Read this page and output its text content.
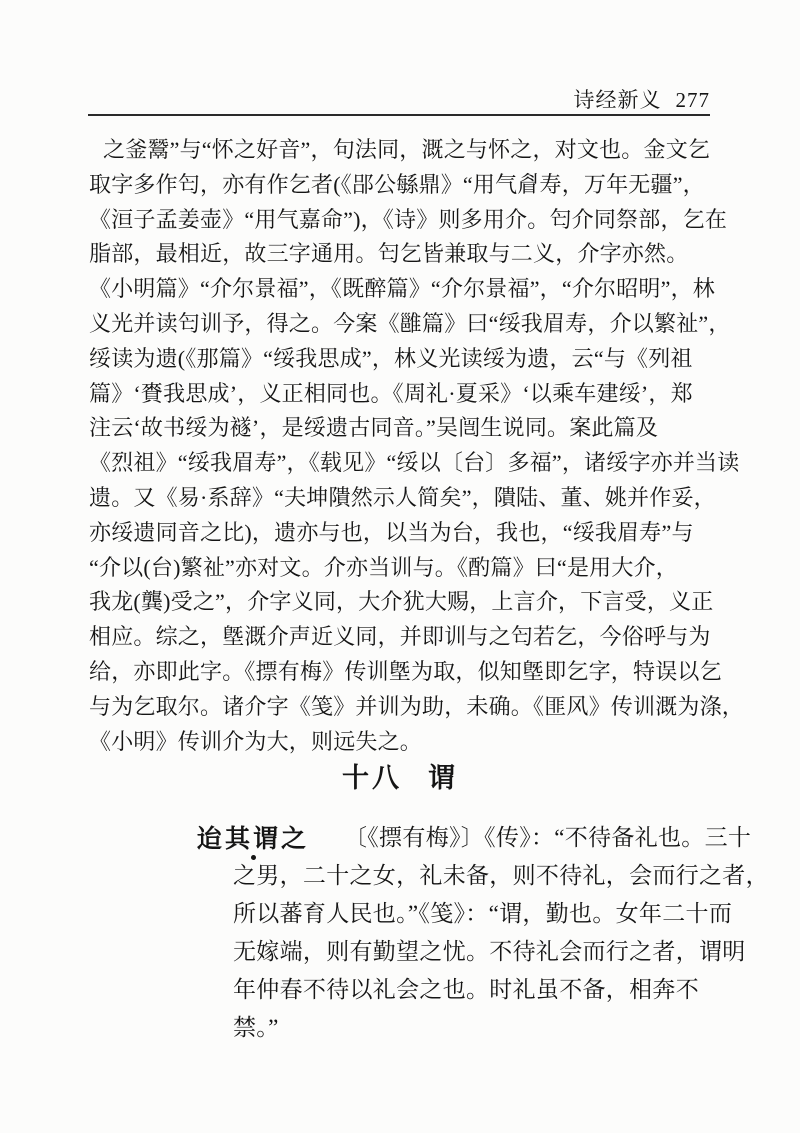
诗经新义 277
之釜鬵”与“怀之好音”，句法同，溉之与怀之，对文也。金文乞
取字多作匄，亦有作乞者(《郘公緐鼎》“用气睂寿，万年无疆”，
《洹子孟姜壶》“用气嘉命”)，《诗》则多用介。匄介同祭部，乞在
脂部，最相近，故三字通用。匄乞皆兼取与二义，介字亦然。
《小明篇》“介尔景福”，《既醉篇》“介尔景福”，“介尔昭明”，林
义光并读匄训予，得之。今案《雝篇》曰“绥我眉寿，介以繁祉”，
绥读为遗(《那篇》“绥我思成”，林义光读绥为遗，云“与《列祖
篇》‘賚我思成’，义正相同也。《周礼·夏采》‘以乘车建绥’，郑
注云‘故书绥为襚’，是绥遗古同音。”吴闿生说同。案此篇及
《烈祖》“绥我眉寿”，《载见》“绥以〔台〕多福”，诸绥字亦并当读
遗。又《易·系辞》“夫坤隤然示人简矣”，隤陆、董、姚并作妥，
亦绥遗同音之比)，遗亦与也，以当为台，我也，“绥我眉寿”与
“介以(台)繁祉”亦对文。介亦当训与。《酌篇》曰“是用大介，
我龙(龔)受之”，介字义同，大介犹大赐，上言介，下言受，义正
相应。综之，墍溉介声近义同，并即训与之匄若乞，今俗呼与为
给，亦即此字。《摽有梅》传训墍为取，似知墍即乞字，特误以乞
与为乞取尔。诸介字《笺》并训为助，未确。《匪风》传训溉为涤，
《小明》传训介为大，则远失之。
十八 谓
迨其谓之	〔《摽有梅》〕《传》：“不待备礼也。三十
之男，二十之女，礼未备，则不待礼，会而行之者，
所以蕃育人民也。”《笺》：“谓，勤也。女年二十而
无嫁端，则有勤望之忧。不待礼会而行之者，谓明
年仲春不待以礼会之也。时礼虽不备，相奔不
禁。”
